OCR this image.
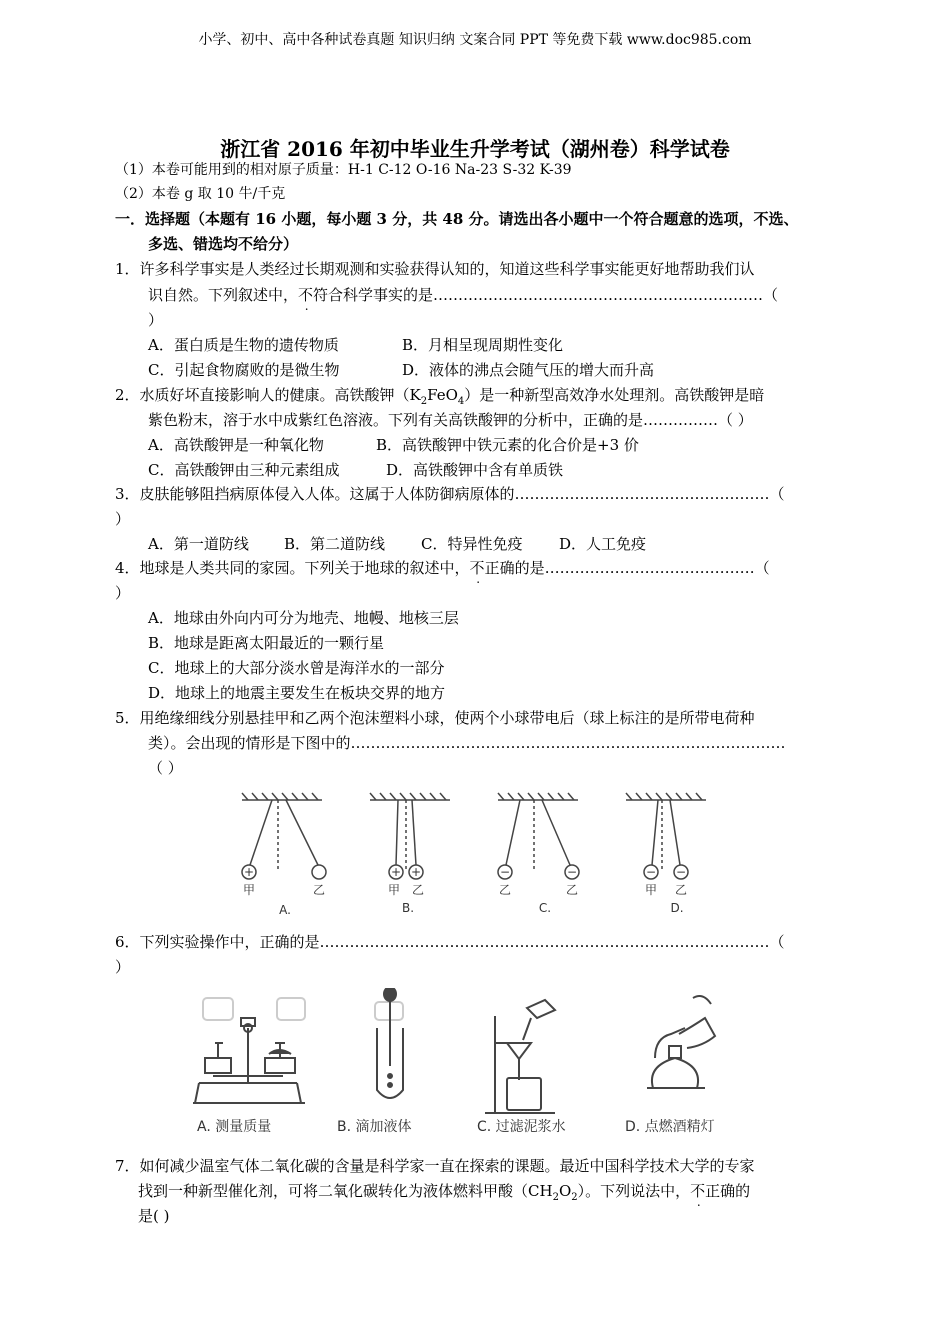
小学、初中、高中各种试卷真题 知识归纳 文案合同 PPT 等免费下载 www.doc985.com
浙江省 2016 年初中毕业生升学考试（湖州卷）科学试卷
（1）本卷可能用到的相对原子质量：H-1 C-12 O-16 Na-23 S-32 K-39
（2）本卷 g 取 10 牛/千克
一．选择题（本题有 16 小题，每小题 3 分，共 48 分。请选出各小题中一个符合题意的选项，不选、
多选、错选均不给分）
1．许多科学事实是人类经过长期观测和实验获得认知的，知道这些科学事实能更好地帮助我们认
识自然。下列叙述中，不符合科学事实的是…………………………………………………………（
）
A．蛋白质是生物的遗传物质	B．月相呈现周期性变化
C．引起食物腐败的是微生物	D．液体的沸点会随气压的增大而升高
2．水质好坏直接影响人的健康。高铁酸钾$(K_2FeO_4)$是一种新型高效净水处理剂。高铁酸钾是暗
紫色粉末，溶于水中成紫红色溶液。下列有关高铁酸钾的分析中，正确的是……………（ ）
A．高铁酸钾是一种氧化物	B．高铁酸钾中铁元素的化合价是+3 价
C．高铁酸钾由三种元素组成	D．高铁酸钾中含有单质铁
3．皮肤能够阻挡病原体侵入人体。这属于人体防御病原体的……………………………………………（
）
A．第一道防线 B．第二道防线 C．特异性免疫 D．人工免疫
4．地球是人类共同的家园。下列关于地球的叙述中，不正确的是……………………………………（
）
A．地球由外向内可分为地壳、地幔、地核三层
B．地球是距离太阳最近的一颗行星
C．地球上的大部分淡水曾是海洋水的一部分
D．地球上的地震主要发生在板块交界的地方
5．用绝缘细线分别悬挂甲和乙两个泡沫塑料小球，使两个小球带电后（球上标注的是所带电荷种
类）。会出现的情形是下图中的……………………………………………………………………………
（ ）
+	+ +	−	−	− −
甲	乙	甲 乙	乙	乙	甲 乙
A.	B.	C.	D.
6．下列实验操作中，正确的是………………………………………………………………………………（
）
A. 测量质量	B. 滴加液体	C. 过滤泥浆水	D. 点燃酒精灯
7．如何减少温室气体二氧化碳的含量是科学家一直在探索的课题。最近中国科学技术大学的专家
找到一种新型催化剂，可将二氧化碳转化为液体燃料甲酸$(CH_2O_2)$。下列说法中，不正确的
是( )
